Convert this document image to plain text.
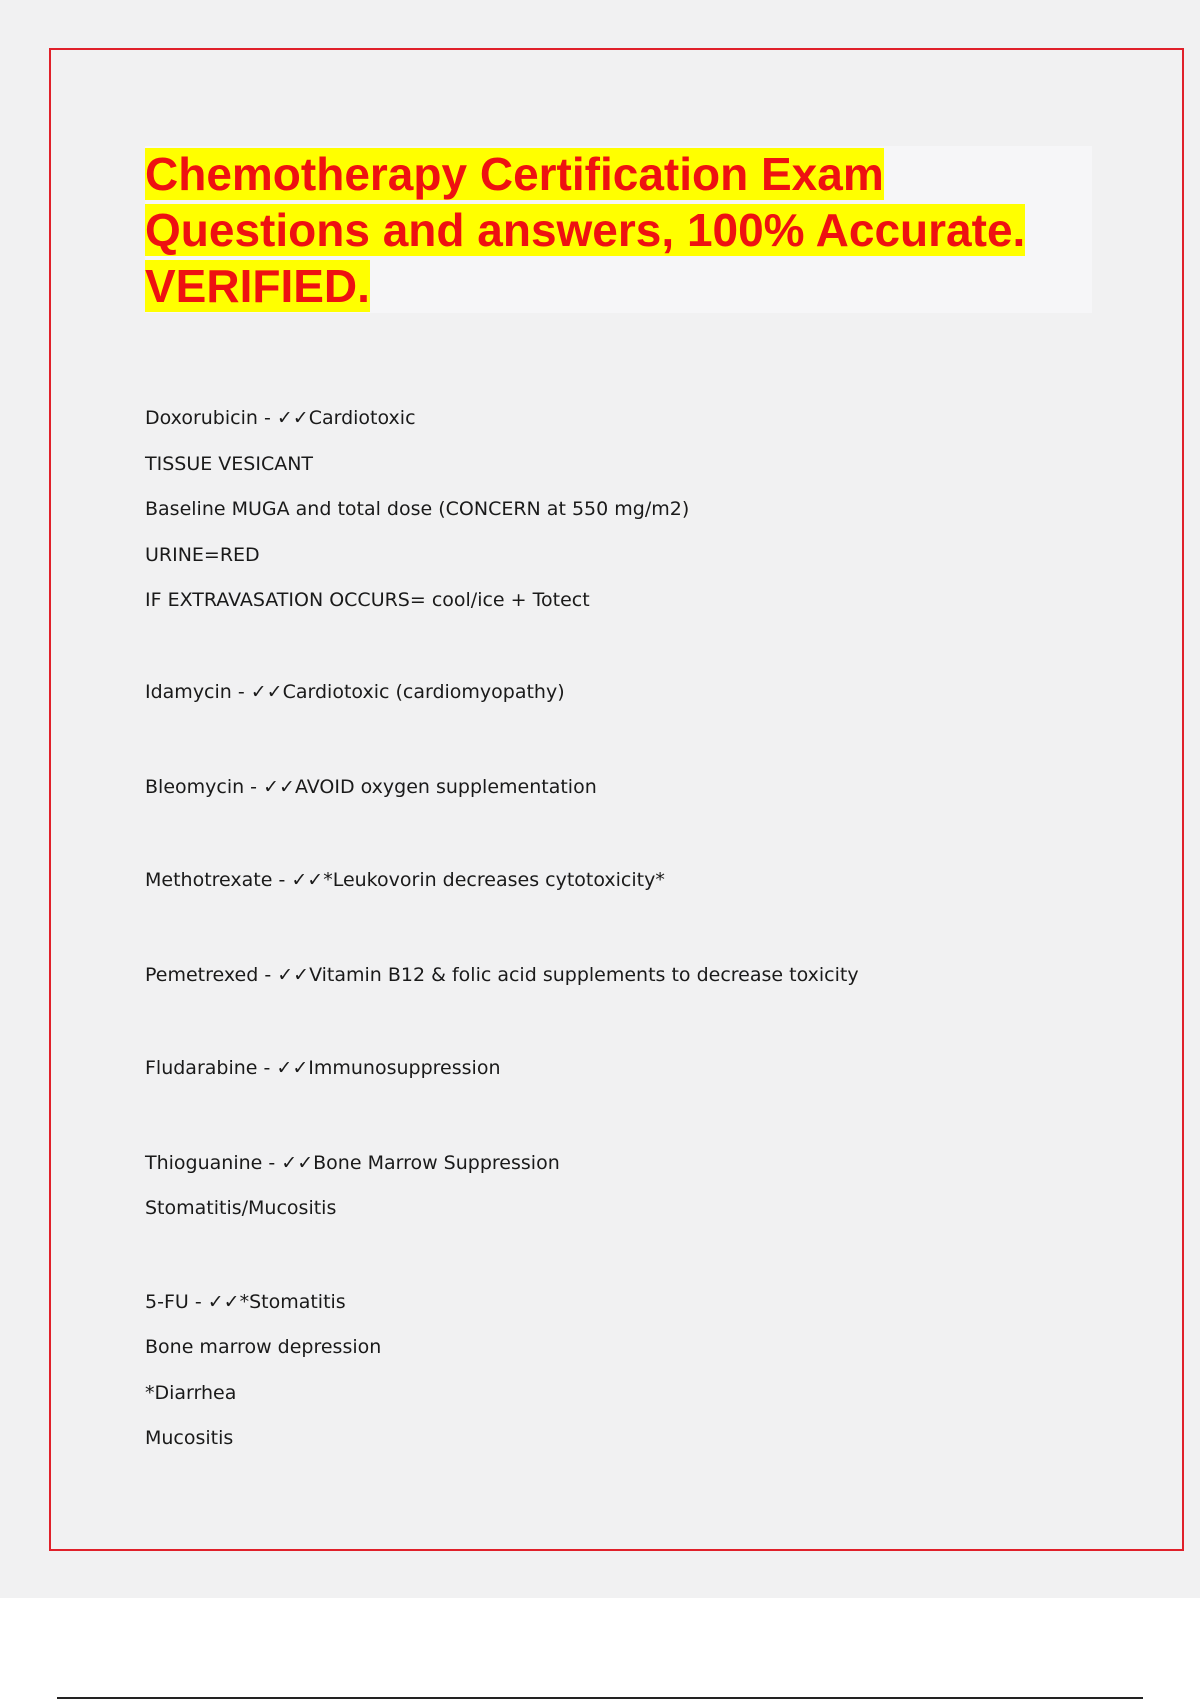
Chemotherapy Certification Exam
Questions and answers, 100% Accurate.
VERIFIED.
Doxorubicin - ✓✓Cardiotoxic
TISSUE VESICANT
Baseline MUGA and total dose (CONCERN at 550 mg/m2)
URINE=RED
IF EXTRAVASATION OCCURS= cool/ice + Totect
Idamycin - ✓✓Cardiotoxic (cardiomyopathy)
Bleomycin - ✓✓AVOID oxygen supplementation
Methotrexate - ✓✓*Leukovorin decreases cytotoxicity*
Pemetrexed - ✓✓Vitamin B12 & folic acid supplements to decrease toxicity
Fludarabine - ✓✓Immunosuppression
Thioguanine - ✓✓Bone Marrow Suppression
Stomatitis/Mucositis
5-FU - ✓✓*Stomatitis
Bone marrow depression
*Diarrhea
Mucositis
